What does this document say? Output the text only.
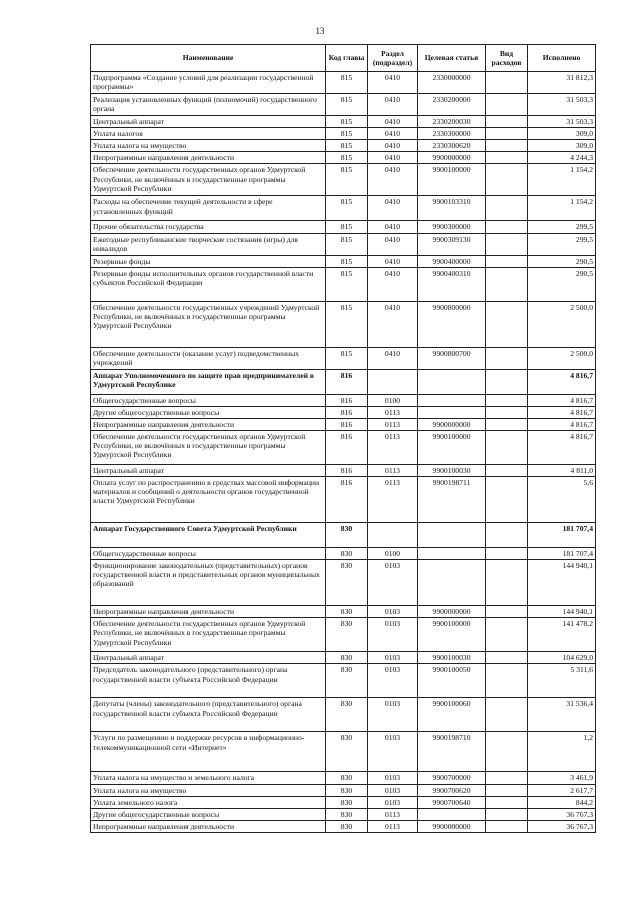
13
Наименование	Код главы	Раздел (подраздел)	Целевая статья	Вид расходов	Исполнено
Подпрограмма «Создание условий для реализации государственной программы»	815	0410	2330000000		31 812,3
Реализация установленных функций (полномочий) государственного органа	815	0410	2330200000		31 503,3
Центральный аппарат	815	0410	2330200030		31 503,3
Уплата налогов	815	0410	2330300000		309,0
Уплата налога на имущество	815	0410	2330300620		309,0
Непрограммные направления деятельности	815	0410	9900000000		4 244,3
Обеспечение деятельности государственных органов Удмуртской Республики, не включённых в государственные программы Удмуртской Республики	815	0410	9900100000		1 154,2
Расходы на обеспечение текущей деятельности в сфере установленных функций	815	0410	9900103310		1 154,2
Прочие обязательства государства	815	0410	9900300000		299,5
Ежегодные республиканские творческие состязания (игры) для инвалидов	815	0410	9900309130		299,5
Резервные фонды	815	0410	9900400000		290,5
Резервные фонды исполнительных органов государственной власти субъектов Российской Федерации	815	0410	9900400310		290,5
Обеспечение деятельности государственных учреждений Удмуртской Республики, не включённых в государственные программы Удмуртской Республики	815	0410	9900800000		2 500,0
Обеспечение деятельности (оказание услуг) подведомственных учреждений	815	0410	9900800700		2 500,0
Аппарат Уполномоченного по защите прав предпринимателей в Удмуртской Республике	816				4 816,7
Общегосударственные вопросы	816	0100			4 816,7
Другие общегосударственные вопросы	816	0113			4 816,7
Непрограммные направления деятельности	816	0113	9900000000		4 816,7
Обеспечение деятельности государственных органов Удмуртской Республики, не включённых в государственные программы Удмуртской Республики	816	0113	9900100000		4 816,7
Центральный аппарат	816	0113	9900100030		4 811,0
Оплата услуг по распространению в средствах массовой информации материалов и сообщений о деятельности органов государственной власти Удмуртской Республики	816	0113	9900198711		5,6
Аппарат Государственного Совета Удмуртской Республики	830				181 707,4
Общегосударственные вопросы	830	0100			181 707,4
Функционирование законодательных (представительных) органов государственной власти и представительных органов муниципальных образований	830	0103			144 940,1
Непрограммные направления деятельности	830	0103	9900000000		144 940,1
Обеспечение деятельности государственных органов Удмуртской Республики, не включённых в государственные программы Удмуртской Республики	830	0103	9900100000		141 478,2
Центральный аппарат	830	0103	9900100030		104 629,0
Председатель законодательного (представительного) органа государственной власти субъекта Российской Федерации	830	0103	9900100050		5 311,6
Депутаты (члены) законодательного (представительного) органа государственной власти субъекта Российской Федерации	830	0103	9900100060		31 536,4
Услуги по размещению и поддержке ресурсов в информационно-телекоммуникационной сети «Интернет»	830	0103	9900198710		1,2
Уплата налога на имущество и земельного налога	830	0103	9900700000		3 461,9
Уплата налога на имущество	830	0103	9900700620		2 617,7
Уплата земельного налога	830	0103	9900700640		844,2
Другие общегосударственные вопросы	830	0113			36 767,3
Непрограммные направления деятельности	830	0113	9900000000		36 767,3
